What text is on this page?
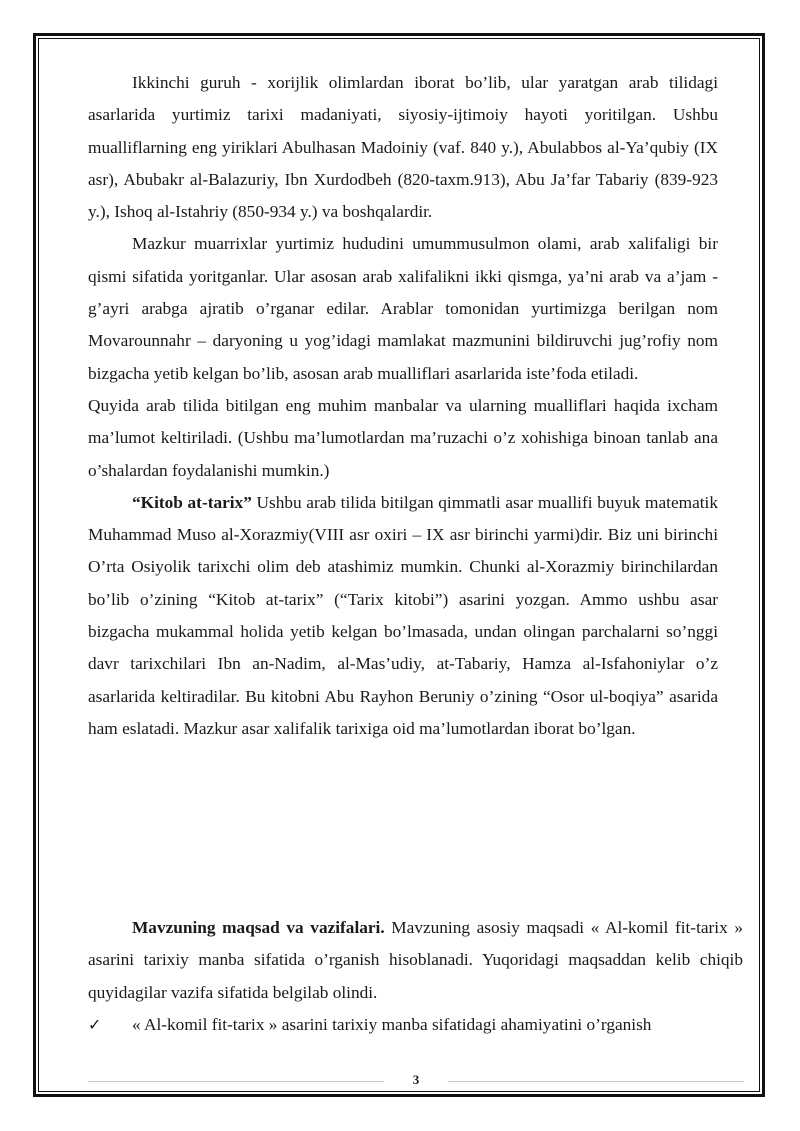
Ikkinchi guruh - xorijlik olimlardan iborat bo’lib, ular yaratgan arab tilidagi asarlarida yurtimiz tarixi madaniyati, siyosiy-ijtimoiy hayoti yoritilgan. Ushbu mualliflarning eng yiriklari Abulhasan Madoiniy (vaf. 840 y.), Abulabbos al-Ya’qubiy (IX asr), Abubakr al-Balazuriy, Ibn Xurdodbeh (820-taxm.913), Abu Ja’far Tabariy (839-923 y.), Ishoq al-Istahriy (850-934 y.) va boshqalardir.

Mazkur muarrixlar yurtimiz hududini umummusulmon olami, arab xalifaligi bir qismi sifatida yoritganlar. Ular asosan arab xalifalikni ikki qismga, ya’ni arab va a’jam - g’ayri arabga ajratib o’rganar edilar. Arablar tomonidan yurtimizga berilgan nom Movarounnahr – daryoning u yog’idagi mamlakat mazmunini bildiruvchi jug’rofiy nom bizgacha yetib kelgan bo’lib, asosan arab mualliflari asarlarida iste’foda etiladi.

Quyida arab tilida bitilgan eng muhim manbalar va ularning mualliflari haqida ixcham ma’lumot keltiriladi. (Ushbu ma’lumotlardan ma’ruzachi o’z xohishiga binoan tanlab ana o’shalardan foydalanishi mumkin.)

“Kitob at-tarix” Ushbu arab tilida bitilgan qimmatli asar muallifi buyuk matematik Muhammad Muso al-Xorazmiy(VIII asr oxiri – IX asr birinchi yarmi)dir. Biz uni birinchi O’rta Osiyolik tarixchi olim deb atashimiz mumkin. Chunki al-Xorazmiy birinchilardan bo’lib o’zining “Kitob at-tarix” (“Tarix kitobi”) asarini yozgan. Ammo ushbu asar bizgacha mukammal holida yetib kelgan bo’lmasada, undan olingan parchalarni so’nggi davr tarixchilari Ibn an-Nadim, al-Mas’udiy, at-Tabariy, Hamza al-Isfahoniylar o’z asarlarida keltiradilar. Bu kitobni Abu Rayhon Beruniy o’zining “Osor ul-boqiya” asarida ham eslatadi. Mazkur asar xalifalik tarixiga oid ma’lumotlardan iborat bo’lgan.

Mavzuning maqsad va vazifalari. Mavzuning asosiy maqsadi « Al-komil fit-tarix » asarini tarixiy manba sifatida o’rganish hisoblanadi. Yuqoridagi maqsaddan kelib chiqib quyidagilar vazifa sifatida belgilab olindi.

✓	« Al-komil fit-tarix » asarini tarixiy manba sifatidagi ahamiyatini o’rganish
3
